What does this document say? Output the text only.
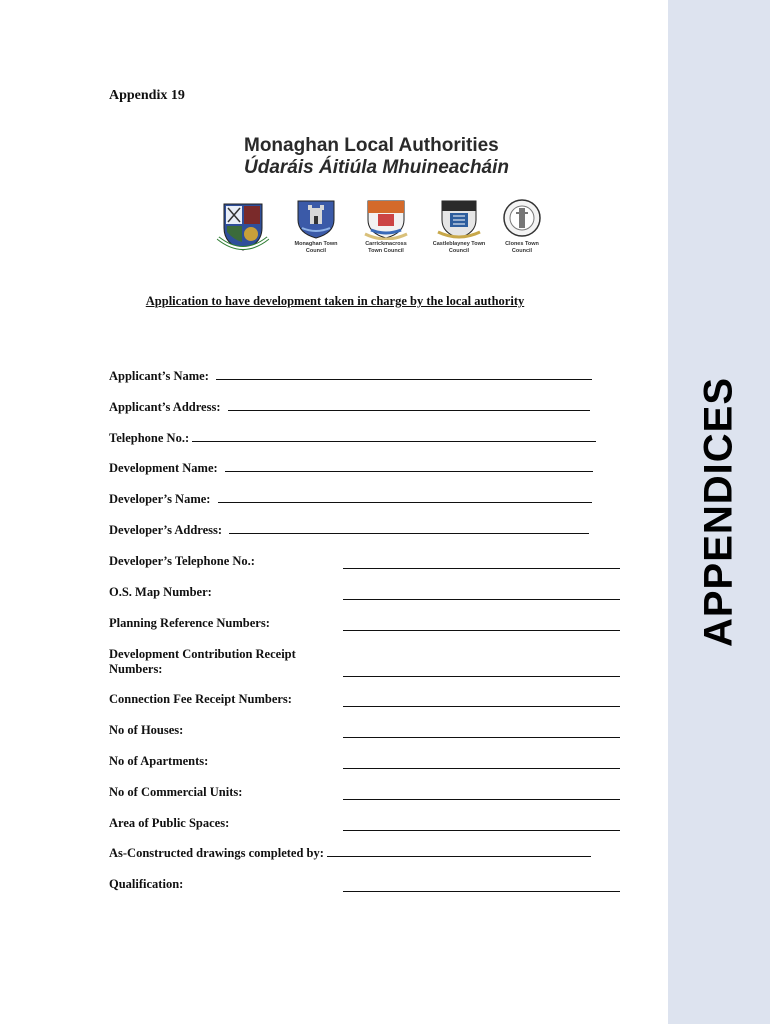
APPENDICES
Appendix 19
Monaghan Local Authorities
Údaráis Áitiúla Mhuineacháin
Monaghan Town
Council
Carrickmacross
Town Council
Castleblayney Town
Council
Clones Town
Council
Application to have development taken in charge by the local authority
Applicant’s Name:
Applicant’s Address:
Telephone No.:
Development Name:
Developer’s Name:
Developer’s Address:
Developer’s Telephone No.:
O.S. Map Number:
Planning Reference Numbers:
Development Contribution Receipt Numbers:
Connection Fee Receipt Numbers:
No of Houses:
No of Apartments:
No of Commercial Units:
Area of Public Spaces:
As-Constructed drawings completed by:
Qualification:
